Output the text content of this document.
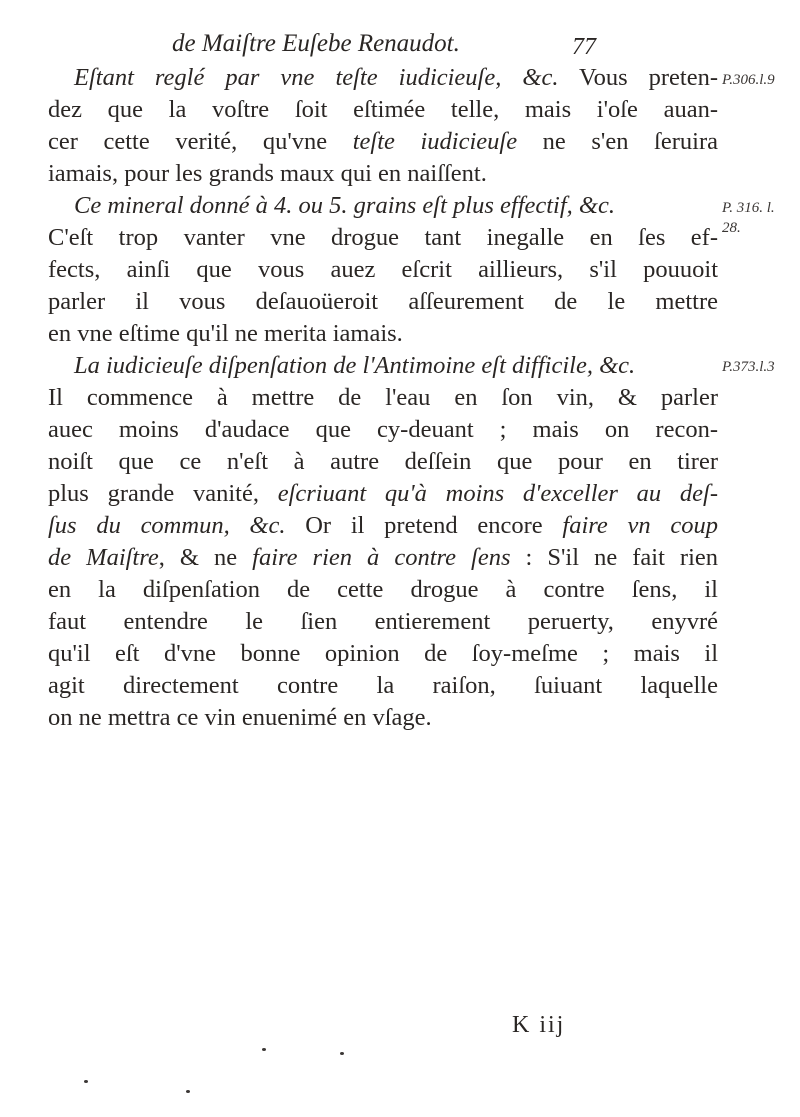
de Maiſtre Euſebe Renaudot.	77
Eſtant reglé par vne teſte iudicieuſe, &c. Vous preten-
dez que la voſtre ſoit eſtimée telle, mais i'oſe auan-
cer cette verité, qu'vne teſte iudicieuſe ne s'en ſeruira
iamais, pour les grands maux qui en naiſſent.
Ce mineral donné à 4. ou 5. grains eſt plus effectif, &c.
C'eſt trop vanter vne drogue tant inegalle en ſes ef-
fects, ainſi que vous auez eſcrit aillieurs, s'il pouuoit
parler il vous deſauoüeroit aſſeurement de le mettre
en vne eſtime qu'il ne merita iamais.
La iudicieuſe diſpenſation de l'Antimoine eſt difficile, &c.
Il commence à mettre de l'eau en ſon vin, & parler
auec moins d'audace que cy-deuant ; mais on recon-
noiſt que ce n'eſt à autre deſſein que pour en tirer
plus grande vanité, eſcriuant qu'à moins d'exceller au deſ-
ſus du commun, &c. Or il pretend encore faire vn coup
de Maiſtre, & ne faire rien à contre ſens : S'il ne fait rien
en la diſpenſation de cette drogue à contre ſens, il
faut entendre le ſien entierement peruerty, enyvré
qu'il eſt d'vne bonne opinion de ſoy-meſme ; mais il
agit directement contre la raiſon, ſuiuant laquelle
on ne mettra ce vin enuenimé en vſage.
P.306.l.9
P. 316. l.
28.
P.373.l.3
K iij
